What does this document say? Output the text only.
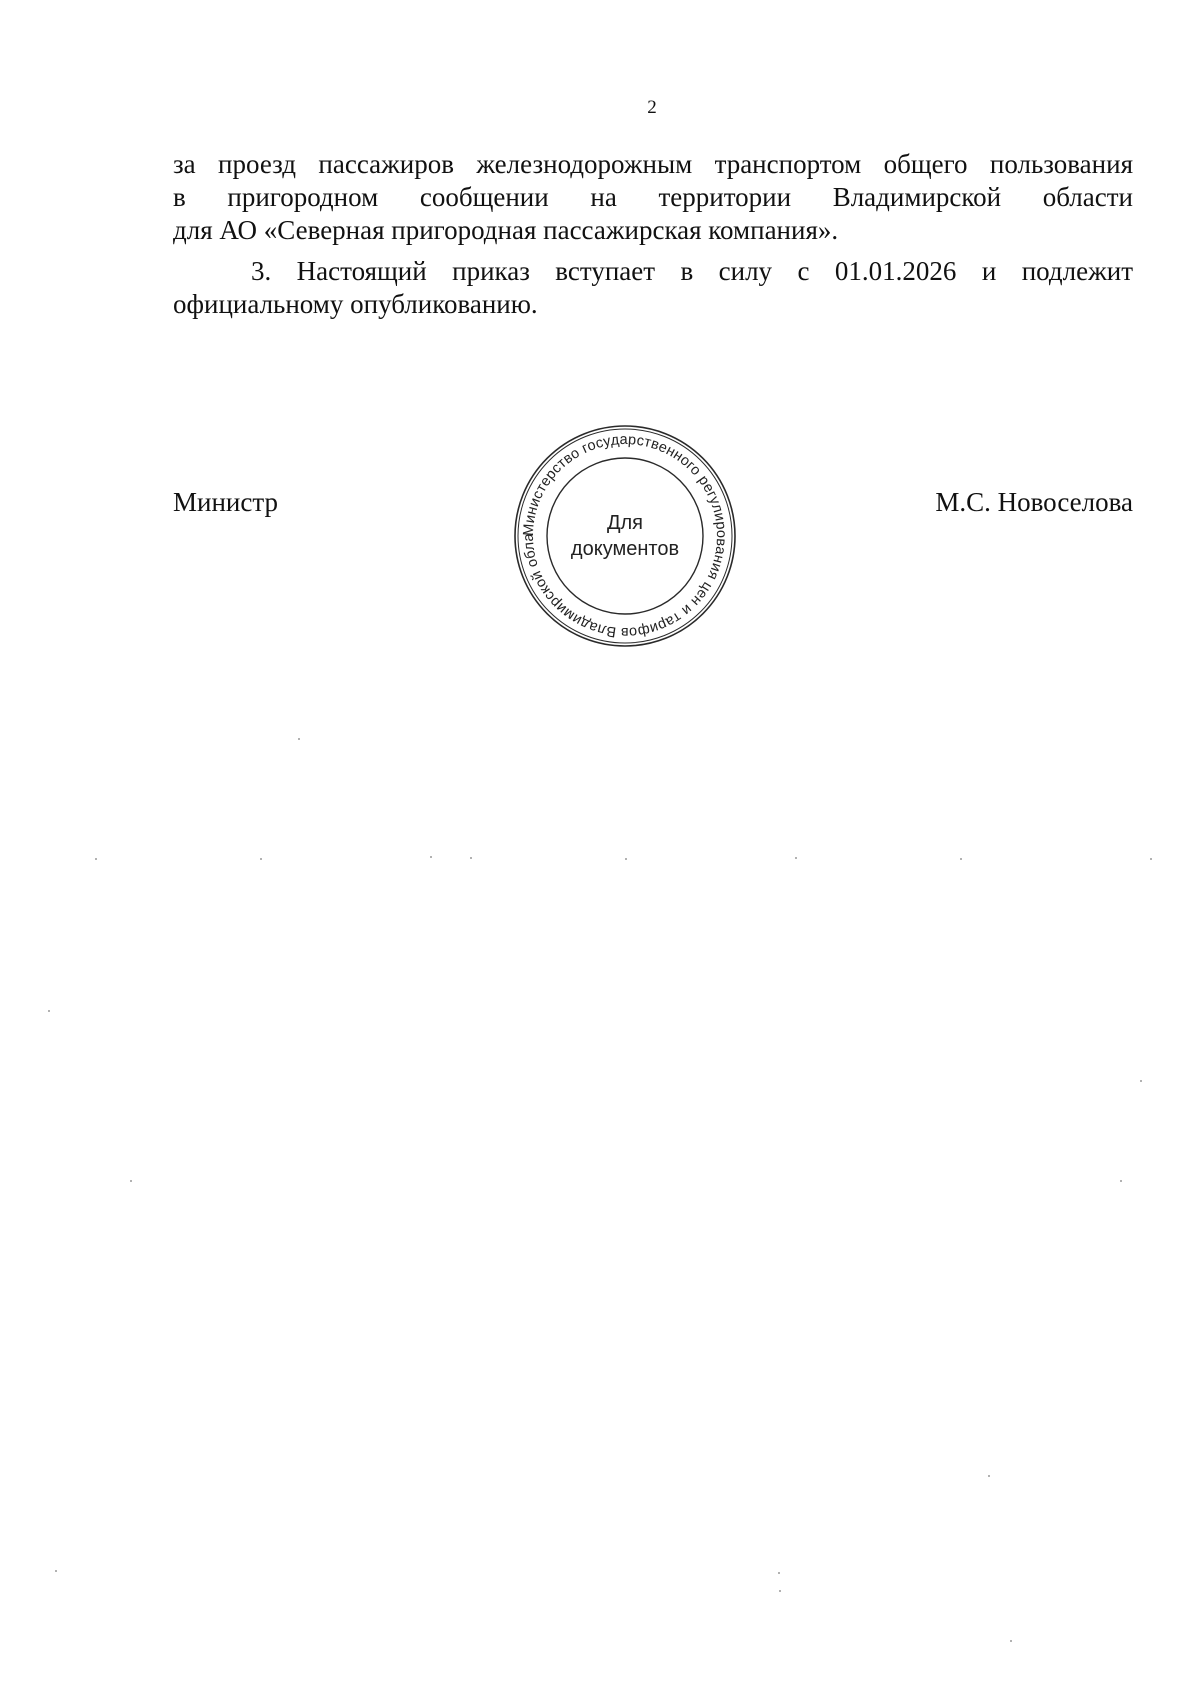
2

за проезд пассажиров железнодорожным транспортом общего пользования
в пригородном сообщении на территории Владимирской области
для АО «Северная пригородная пассажирская компания».

3. Настоящий приказ вступает в силу с 01.01.2026 и подлежит
официальному опубликованию.

Министр
Министерство государственного регулирования цен и тарифов Владимирской обла
Для
документов
М.С. Новоселова
